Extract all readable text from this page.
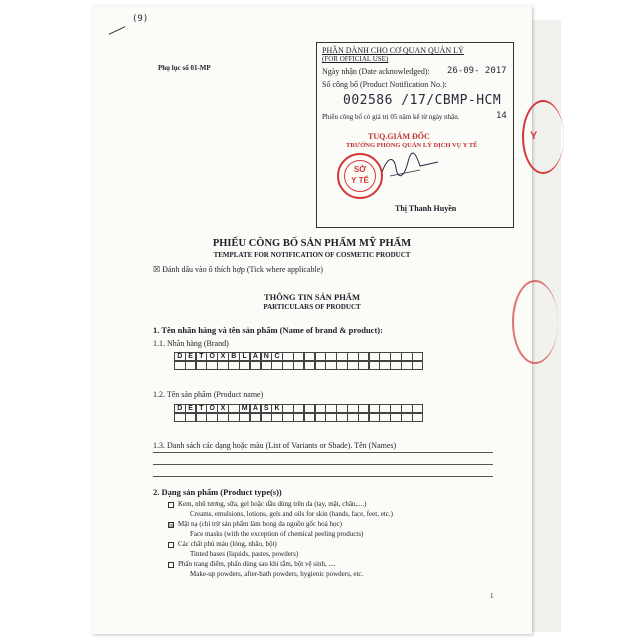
Y
(9)
Phụ lục số 01-MP
PHẦN DÀNH CHO CƠ QUAN QUẢN LÝ
(FOR OFFICIAL USE)
Ngày nhận (Date acknowledged): 26-09- 2017
Số công bố (Product Notification No.):
002586 /17/CBMP-HCM
Phiếu công bố có giá trị 05 năm kể từ ngày nhận.	14
TUQ.GIÁM ĐỐC
TRƯỞNG PHÒNG QUẢN LÝ DỊCH VỤ Y TẾ
SỞ
Y TẾ
Thị Thanh Huyền
PHIẾU CÔNG BỐ SẢN PHẨM MỸ PHẨM
TEMPLATE FOR NOTIFICATION OF COSMETIC PRODUCT
☒ Đánh dấu vào ô thích hợp (Tick where applicable)
THÔNG TIN SẢN PHẨM
PARTICULARS OF PRODUCT
1. Tên nhãn hàng và tên sản phẩm (Name of brand & product):
1.1. Nhãn hàng (Brand)
D E T O X B L A N C
1.2. Tên sản phẩm (Product name)
D E T O X	M A S K
1.3. Danh sách các dạng hoặc màu (List of Variants or Shade). Tên (Names)
2. Dạng sản phẩm (Product type(s))
Kem, nhũ tương, sữa, gel hoặc dầu dùng trên da (tay, mặt, chân,....)
Creams, emulsions, lotions, gels and oils for skin (hands, face, feet, etc.)
☒ Mặt nạ (chỉ trừ sản phẩm làm bong da nguồn gốc hoá học)
Face masks (with the exception of chemical peeling products)
Các chất phủ màu (lỏng, nhão, bột)
Tinted bases (liquids, pastes, powders)
Phấn trang điểm, phấn dùng sau khi tắm, bột vệ sinh, ....
Make-up powders, after-bath powders, hygienic powders, etc.
1
